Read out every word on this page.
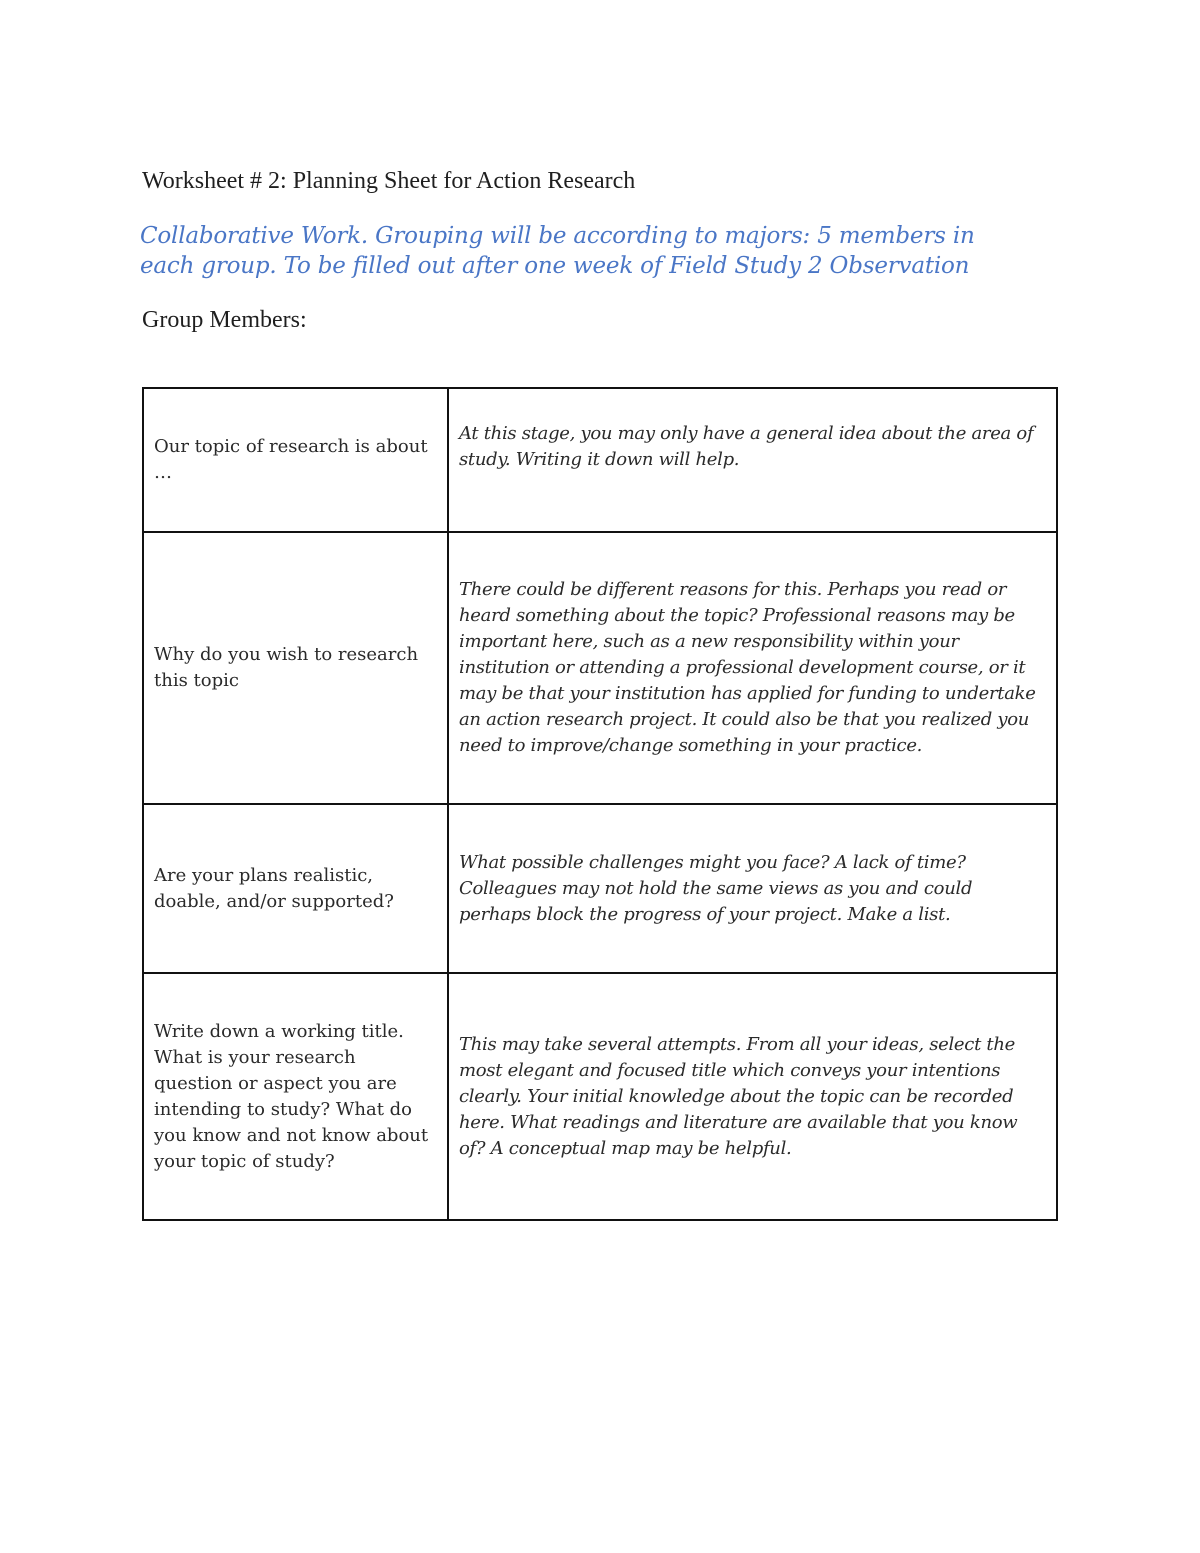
Worksheet # 2: Planning Sheet for Action Research
Collaborative Work. Grouping will be according to majors: 5 members in each group. To be filled out after one week of Field Study 2 Observation
Group Members:
Our topic of research is about …	At this stage, you may only have a general idea about the area of study. Writing it down will help.
Why do you wish to research this topic	There could be different reasons for this. Perhaps you read or heard something about the topic? Professional reasons may be important here, such as a new responsibility within your institution or attending a professional development course, or it may be that your institution has applied for funding to undertake an action research project. It could also be that you realized you need to improve/change something in your practice.
Are your plans realistic, doable, and/or supported?	What possible challenges might you face? A lack of time? Colleagues may not hold the same views as you and could perhaps block the progress of your project. Make a list.
Write down a working title. What is your research question or aspect you are intending to study? What do you know and not know about your topic of study?	This may take several attempts. From all your ideas, select the most elegant and focused title which conveys your intentions clearly. Your initial knowledge about the topic can be recorded here. What readings and literature are available that you know of? A conceptual map may be helpful.
